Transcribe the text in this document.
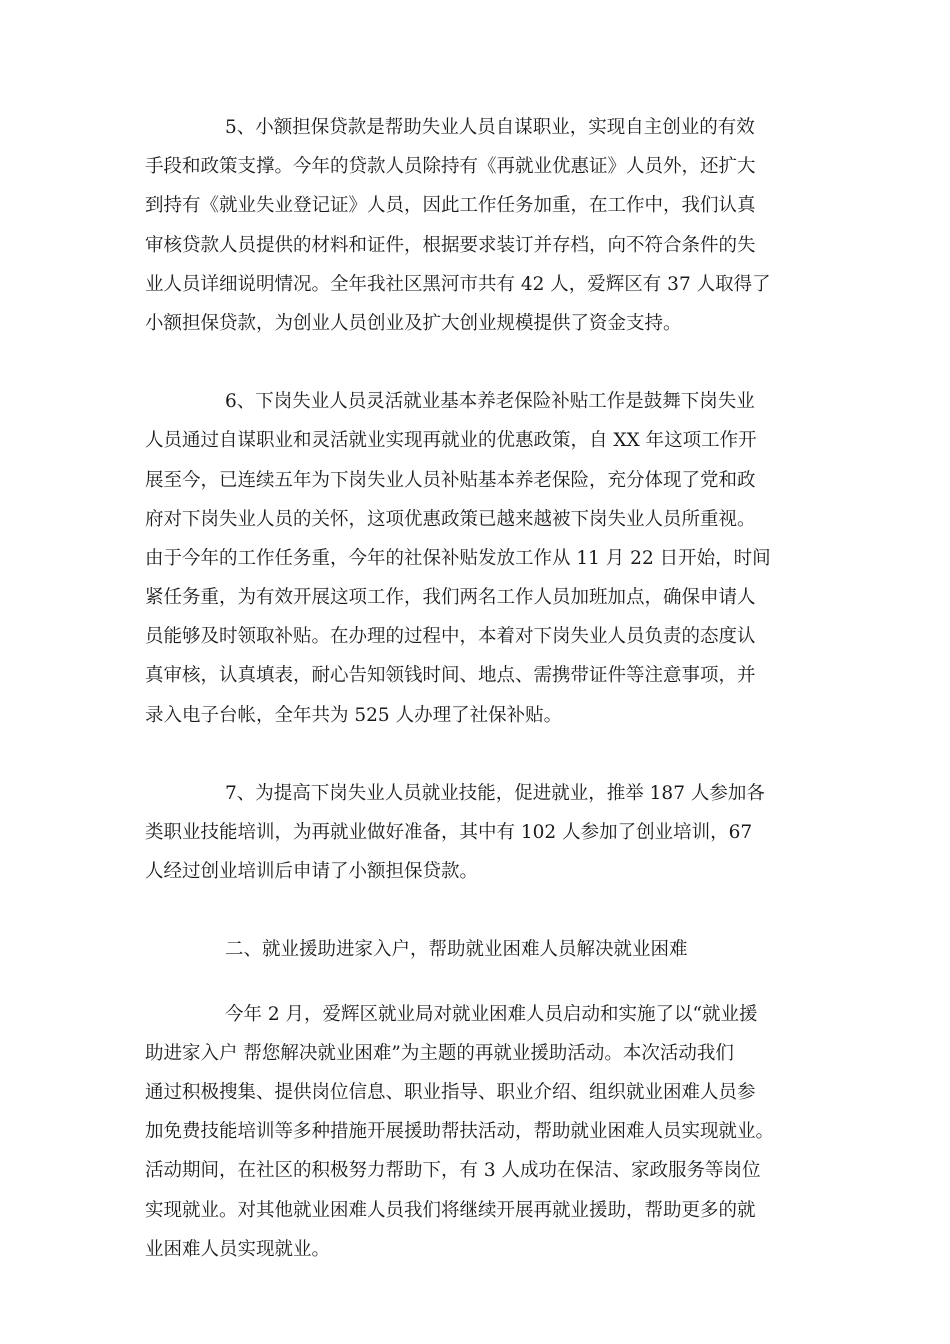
5、小额担保贷款是帮助失业人员自谋职业，实现自主创业的有效
手段和政策支撑。今年的贷款人员除持有《再就业优惠证》人员外，还扩大
到持有《就业失业登记证》人员，因此工作任务加重，在工作中，我们认真
审核贷款人员提供的材料和证件，根据要求装订并存档，向不符合条件的失
业人员详细说明情况。全年我社区黑河市共有 42 人，爱辉区有 37 人取得了
小额担保贷款，为创业人员创业及扩大创业规模提供了资金支持。

6、下岗失业人员灵活就业基本养老保险补贴工作是鼓舞下岗失业
人员通过自谋职业和灵活就业实现再就业的优惠政策，自 XX 年这项工作开
展至今，已连续五年为下岗失业人员补贴基本养老保险，充分体现了党和政
府对下岗失业人员的关怀，这项优惠政策已越来越被下岗失业人员所重视。
由于今年的工作任务重，今年的社保补贴发放工作从 11 月 22 日开始，时间
紧任务重，为有效开展这项工作，我们两名工作人员加班加点，确保申请人
员能够及时领取补贴。在办理的过程中，本着对下岗失业人员负责的态度认
真审核，认真填表，耐心告知领钱时间、地点、需携带证件等注意事项，并
录入电子台帐，全年共为 525 人办理了社保补贴。

7、为提高下岗失业人员就业技能，促进就业，推举 187 人参加各
类职业技能培训，为再就业做好准备，其中有 102 人参加了创业培训，67
人经过创业培训后申请了小额担保贷款。

二、就业援助进家入户，帮助就业困难人员解决就业困难

今年 2 月，爱辉区就业局对就业困难人员启动和实施了以“就业援
助进家入户 帮您解决就业困难”为主题的再就业援助活动。本次活动我们
通过积极搜集、提供岗位信息、职业指导、职业介绍、组织就业困难人员参
加免费技能培训等多种措施开展援助帮扶活动，帮助就业困难人员实现就业。
活动期间，在社区的积极努力帮助下，有 3 人成功在保洁、家政服务等岗位
实现就业。对其他就业困难人员我们将继续开展再就业援助，帮助更多的就
业困难人员实现就业。
